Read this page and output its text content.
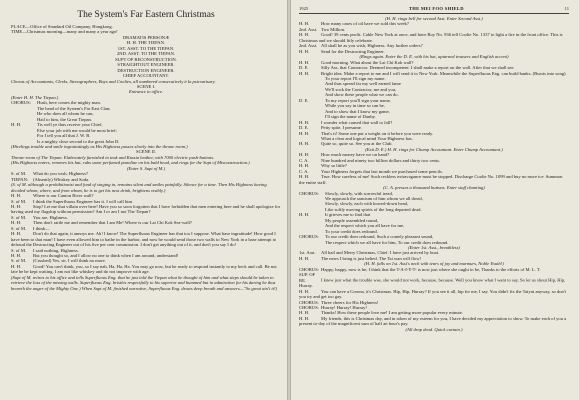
The System's Far Eastern Christmas
PLACE—Office of Standard Oil Company, Hongkong.
TIME—Christmas morning—many and many a year ago!
DRAMATIS PERSONÆ
H. H. THE TIEPAN.
1ST. ASST. TO THE TIEPAN.
2ND. ASST. TO THE TIEPAN.
SUPT OF RECONSTRUCTION.
STRAIGHTOUT ENGINEER.
DESTRUCTION ENGINEER.
CHIEF ACCOUNTANT.
Chorus of Accountants, Clerks, Stenographers, Boys and Coolies, all numbered consecutively à la psicvatisary.
SCENE I.
Entrance to office.
(Enter H. H. The Tiepan.)
CHORUS: Hush, here comes the mighty man.
The head of the System's Far East Clan;
He who does all whom he can,
Hail to him, the Great Tiepan.
H. H.	Tis well ye thus receive your Chief,
Else your job with me would be most brief;
For I tell you all that J. W. B.
Is a mighty close second to the great John D.
(Hirelings trouble and smile ingratiatingly as His Highness passes slowly into the throne room.)
SCENE II.
Throne-room of The Tiepan. Elaborately furnished in teak and Russia leather, with 7000 electric push-buttons.
(His Highness enters, removes his hat, rubs some perfumed panoline on his bald head, and rings for the Supt of Misconstruction.)
(Enter S. Supt of M.)
S. of M. What do you wish, Highness?
TIEPAN: (Absently) Whiskey and Soda.
(S. of M. although a prohibitionist and fond of singing in, remains silent and smiles painfully. Silence for a time. Then His Highness having decided whom, where, and from whom, he is to get his next drink, brightens visibly.)
H. H.	Where is our Canton River wall?
S. of M. I think the Superfluous Engineer has it. I will call him.
H. H.	Stop! Let me that villain over here! Have you so soon forgotten that I have forbidden that men entering here and he shall apologize for having used my flagship without permission? Am I or am I not The Tiepan?
S. of M. You are, Highness.
H. H.	Then don't rattle me and remember that I am Me! Where is our Lai Chi Kok Sea-wall?
S. of M. I think—
H. H.	Don't do that again, it annoys me. Ah! I know! The Superfluous Engineer has that too I suppose. What base ingratitude! How good I have been to that man! I have even allowed him to bathe in the harbor, and now he would send those two walls to New York in a hase attempt to defraud the Destructing Engineer out of his five per cent commission. I don't get anything out of it, and don't you say I do!
S. of M. I said nothing, Highness.
H. H.	But you thought so, and I allow no one to think when I am around, understand!
S. of M. (Crushed) Yes, sir. I will think no more.
H. H.	Good! You can't think, you, so I say nah. Ha, Ha, Ha. You may go now, but be ready to respond instantly to my beck and call. Be not late he be kept waiting. I am not like whiskey and do not improve with age.
(Supt of M. retires to his office and tells Superfluous Eng. that he just told the Tiepan what he thought of him and what steps should be taken to retrieve the loss of the missing walls. Superfluous Eng. bristles respectfully to his superior and hummed but in admiration for his daring he thus beareth the anger of the Mighty One.) When Supt of M. finished narrative, Superfluous Eng. draws deep breath and answers—"So great ain't it!)
1925	THE MEI FOO SHIELD	11
(H. H. rings bell for second Asst. Enter Second Asst.)
H. H.	How many cases of oil have we sold this week?
2nd. Asst. Two Million.
H. H.	Good! 39 cents profit. Cable New York at once, and have Boy No. 936 tell Coolie No. 1337 to light a fire in the front office. This is Christmas and we should fitly celebrate.
2nd. Asst. All shall be as you wish, Highness. Any further orders?
H. H.	Send for the Destructing Engineer.
(Rings again. Enter the D. E. with his hat, upturned trousers and English accent)
H. H.	Good morning. What about the Lai Chi Kok wall?
D. E.	Silly Ass, that Contractor. Deemed incompetent. I shall make a report on the wall. After that we shall see.
H. H.	Bright idea. Make a report to me and I will send it to New York. Meanwhile the Superfluous Eng. can build banks. (Bursts into song)
To your report I'll sign my name.
And thus spread far my well earned fame
We'll sock the Contractor, me and you,
And show these people what we can do.
D. E.	To my report you'll sign your name,
While you say in time so can be,
And to show that I know my game,
I'll sign the name of Danby.
H. H.	I wonder what caused that wall to fall?
D. E.	Petty spite, I presume.
H. H.	That's it! Some one put a weight on it before you were ready.
What a clear and logical mind Your Highness has.
H. H.	Quite so, quite so. See you at the Club.
(Exit D. E.) H. H. rings for Chump Accountant. Enter Chump Accountant.)
H. H.	How much money have we on hand?
C. A.	Nine hundred and ninety two billion dollars and thirty two cents.
H. H.	Why so little?
C. A.	Your Highness forgets that last month we purchased some pencils.
H. H.	True. How careless of me! Such reckless extravagance must be stopped. Discharge Coolie No. 1099 and buy no more ice. Summon the entire staff.
(C. A. presses a thousand buttons. Enter staff chanting)
CHORUS: Slowly, slowly, with sorrowful tread,
We approach the sanctum of him whom we all dread,
Slowly, slowly, each with bowed-down head,
Like softly moving spirits of the long departed dead.
H. H.	It grieves me to find that
My people assembled round,
And the respect which you all have for me,
To your credit does redound.
CHORUS: To our credit does redound, Such a comely pleasant sound,
The respect which we all have for him, To our credit does redound.
(Enter 1st. Asst., breathless)
1st. Asst. All hail and Merry Christmas, Chief. I have just arrived by boat.
H. H.	The news I bring is just belied. The Tai wan will flow!
(H. H. falls on 1st. Asst's neck with tears of joy and murmurs, Noble Youth!)
CHORUS: Happy, happy, now is he; I think that the T-A-I-Y-T- is now just where she ought to be, Thanks to the efforts of M. L. T.
SUP. OF RE.	I knew just what the trouble was, she would not work, because, because. Well you know what I want to say, So let us shout Hip, Hip, Hurray.
H. H.	You can have a Corona, it's Christmas. Hip, Hip, Hurray? If you see it all, hip for me, I say. You didn't fix the Taiyut anyway, so don't you try and get too gay.
CHORUS: Three cheers for His Highness!
CHORUS: Hurray! Hurray! Hurray!
H. H.	Thanks! How these people love me! I am getting more popular every minute.
H. H.	My friends, this is Christmas day, and in token of my esteem for you, I have decided my appreciation to show. To make each of you a present to-day of the magnificent sum of half an hour's pay.
(All drop dead. Quick curtain.)
